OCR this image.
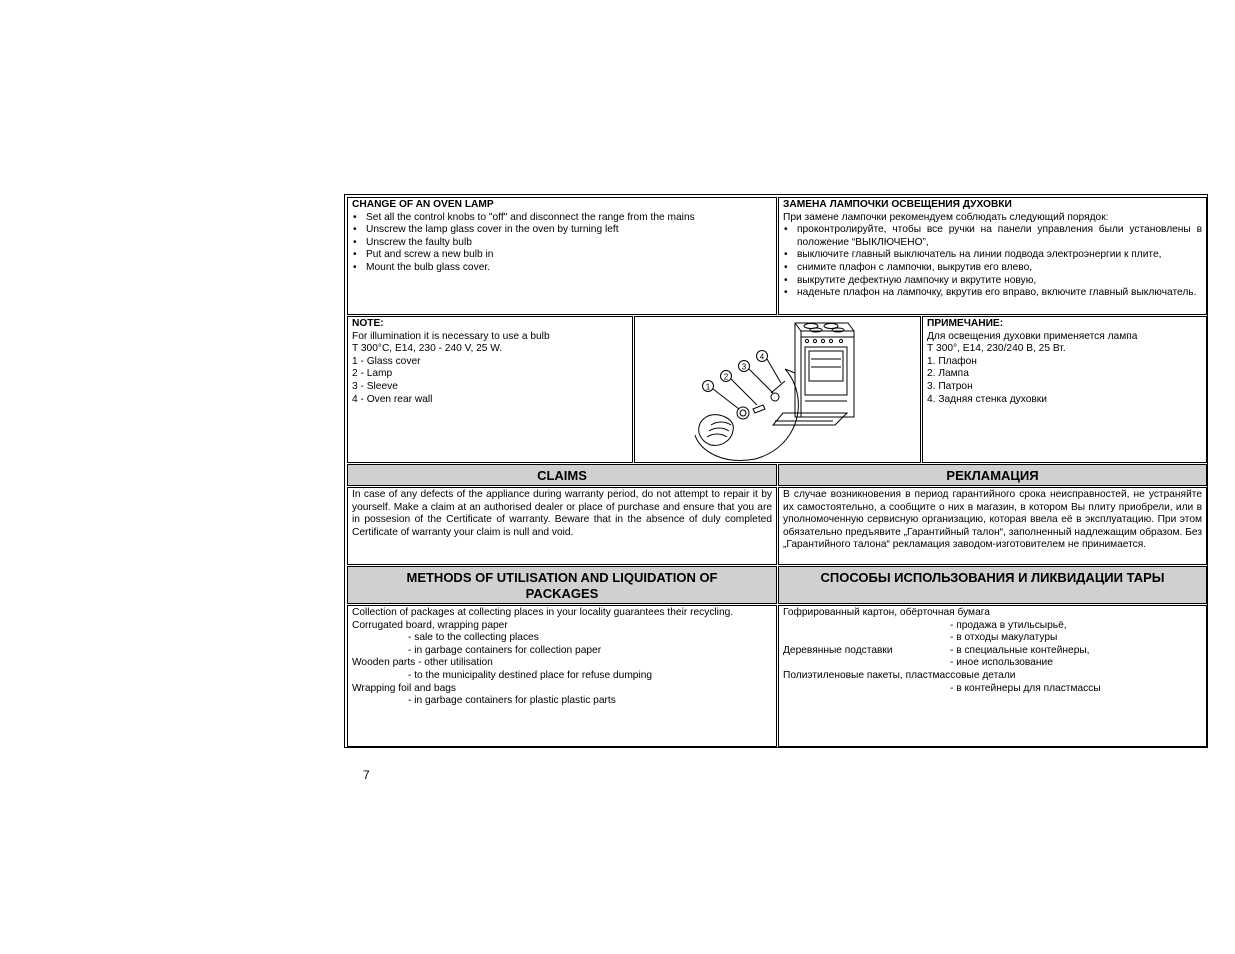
CHANGE OF AN OVEN LAMP
• Set all the control knobs to "off" and disconnect the range from the mains
• Unscrew the lamp glass cover in the oven by turning left
• Unscrew the faulty bulb
• Put and screw a new bulb in
• Mount the bulb glass cover.
ЗАМЕНА ЛАМПОЧКИ ОСВЕЩЕНИЯ ДУХОВКИ
При замене лампочки рекомендуем соблюдать следующий порядок:
• проконтролируйте, чтобы все ручки на панели управления были установлены в положение “ВЫКЛЮЧЕНО”,
• выключите главный выключатель на линии подвода электроэнергии к плите,
• снимите плафон с лампочки, выкрутив его влево,
• выкрутите дефектную лампочку и вкрутите новую,
• наденьте плафон на лампочку, вкрутив его вправо, включите главный выключатель.
NOTE:
For illumination it is necessary to use a bulb
T 300°C, E14, 230 - 240 V, 25 W.
1 - Glass cover
2 - Lamp
3 - Sleeve
4 - Oven rear wall
1
2
3
4
ПРИМЕЧАНИЕ:
Для освещения духовки применяется лампа
Т 300°, Е14, 230/240 В, 25 Вт.
1. Плафон
2. Лампа
3. Патрон
4. Задняя стенка духовки
CLAIMS	РЕКЛАМАЦИЯ
In case of any defects of the appliance during warranty period, do not attempt to repair it by yourself. Make a claim at an authorised dealer or place of purchase and ensure that you are in possesion of the Certificate of warranty. Beware that in the absence of duly completed Certificate of warranty your claim is null and void.
В случае возникновения в период гарантийного срока неисправностей, не устраняйте их самостоятельно, а сообщите о них в магазин, в котором Вы плиту приобрели, или в уполномоченную сервисную организацию, которая ввела её в эксплуатацию. При этом обязательно предъявите „Гарантийный талон“, заполненный надлежащим образом. Без „Гарантийного талона“ рекламация заводом-изготовителем не принимается.
METHODS OF UTILISATION AND LIQUIDATION OF PACKAGES
СПОСОБЫ ИСПОЛЬЗОВАНИЯ И ЛИКВИДАЦИИ ТАРЫ
Collection of packages at collecting places in your locality guarantees their recycling.
Corrugated board, wrapping paper
- sale to the collecting places
- in garbage containers for collection paper
Wooden parts - other utilisation
- to the municipality destined place for refuse dumping
Wrapping foil and bags
- in garbage containers for plastic plastic parts
Гофрированный картон, обёрточная бумага
- продажа в утильсырьё,
- в отходы макулатуры
Деревянные подставки	- в специальные контейнеры,
- иное использование
Полиэтиленовые пакеты, пластмассовые детали
- в контейнеры для пластмассы
7
